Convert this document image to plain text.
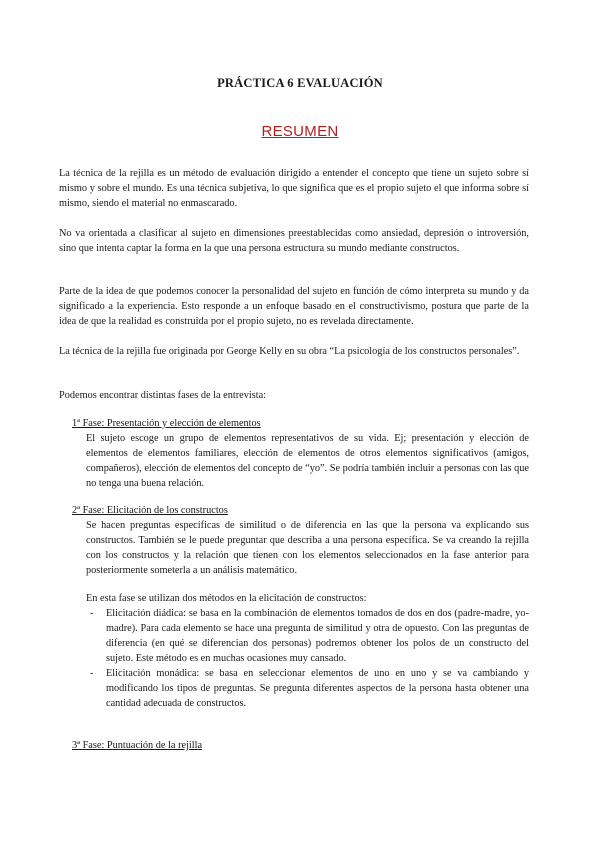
PRÁCTICA 6 EVALUACIÓN
RESUMEN

La técnica de la rejilla es un método de evaluación dirigido a entender el concepto que tiene un sujeto sobre sí mismo y sobre el mundo. Es una técnica subjetiva, lo que significa que es el propio sujeto el que informa sobre sí mismo, siendo el material no enmascarado.

No va orientada a clasificar al sujeto en dimensiones preestablecidas como ansiedad, depresión o introversión, sino que intenta captar la forma en la que una persona estructura su mundo mediante constructos.

Parte de la idea de que podemos conocer la personalidad del sujeto en función de cómo interpreta su mundo y da significado a la experiencia. Esto responde a un enfoque basado en el constructivismo, postura que parte de la idea de que la realidad es construida por el propio sujeto, no es revelada directamente.

La técnica de la rejilla fue originada por George Kelly en su obra “La psicología de los constructos personales”.

Podemos encontrar distintas fases de la entrevista:

1ª Fase: Presentación y elección de elementos

El sujeto escoge un grupo de elementos representativos de su vida. Ej; presentación y elección de elementos de elementos familiares, elección de elementos de otros elementos significativos (amigos, compañeros), elección de elementos del concepto de “yo”. Se podría también incluir a personas con las que no tenga una buena relación.

2ª Fase: Elicitación de los constructos

Se hacen preguntas específicas de similitud o de diferencia en las que la persona va explicando sus constructos. También se le puede preguntar que describa a una persona específica. Se va creando la rejilla con los constructos y la relación que tienen con los elementos seleccionados en la fase anterior para posteriormente someterla a un análisis matemático.

En esta fase se utilizan dos métodos en la elicitación de constructos:

- Elicitación diádica: se basa en la combinación de elementos tomados de dos en dos (padre-madre, yo-madre). Para cada elemento se hace una pregunta de similitud y otra de opuesto. Con las preguntas de diferencia (en qué se diferencian dos personas) podremos obtener los polos de un constructo del sujeto. Este método es en muchas ocasiones muy cansado.
- Elicitación monádica: se basa en seleccionar elementos de uno en uno y se va cambiando y modificando los tipos de preguntas. Se pregunta diferentes aspectos de la persona hasta obtener una cantidad adecuada de constructos.

3ª Fase: Puntuación de la rejilla
